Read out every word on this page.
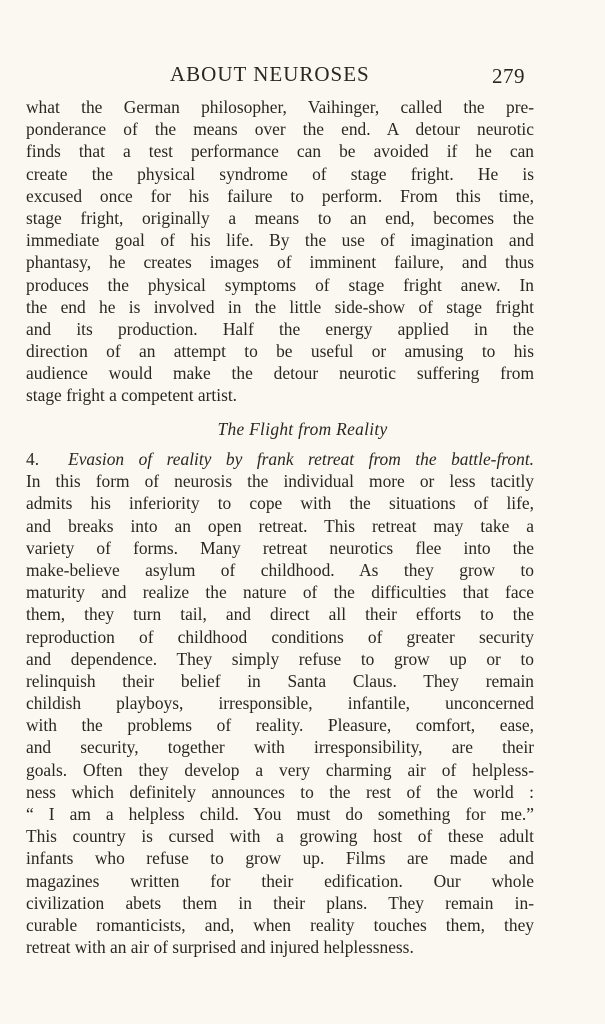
ABOUT NEUROSES	279
what the German philosopher, Vaihinger, called the pre-
ponderance of the means over the end. A detour neurotic
finds that a test performance can be avoided if he can
create the physical syndrome of stage fright. He is
excused once for his failure to perform. From this time,
stage fright, originally a means to an end, becomes the
immediate goal of his life. By the use of imagination and
phantasy, he creates images of imminent failure, and thus
produces the physical symptoms of stage fright anew. In
the end he is involved in the little side-show of stage fright
and its production. Half the energy applied in the
direction of an attempt to be useful or amusing to his
audience would make the detour neurotic suffering from
stage fright a competent artist.
The Flight from Reality
4. Evasion of reality by frank retreat from the battle-front.
In this form of neurosis the individual more or less tacitly
admits his inferiority to cope with the situations of life,
and breaks into an open retreat. This retreat may take a
variety of forms. Many retreat neurotics flee into the
make-believe asylum of childhood. As they grow to
maturity and realize the nature of the difficulties that face
them, they turn tail, and direct all their efforts to the
reproduction of childhood conditions of greater security
and dependence. They simply refuse to grow up or to
relinquish their belief in Santa Claus. They remain
childish playboys, irresponsible, infantile, unconcerned
with the problems of reality. Pleasure, comfort, ease,
and security, together with irresponsibility, are their
goals. Often they develop a very charming air of helpless-
ness which definitely announces to the rest of the world :
“ I am a helpless child. You must do something for me.”
This country is cursed with a growing host of these adult
infants who refuse to grow up. Films are made and
magazines written for their edification. Our whole
civilization abets them in their plans. They remain in-
curable romanticists, and, when reality touches them, they
retreat with an air of surprised and injured helplessness.
